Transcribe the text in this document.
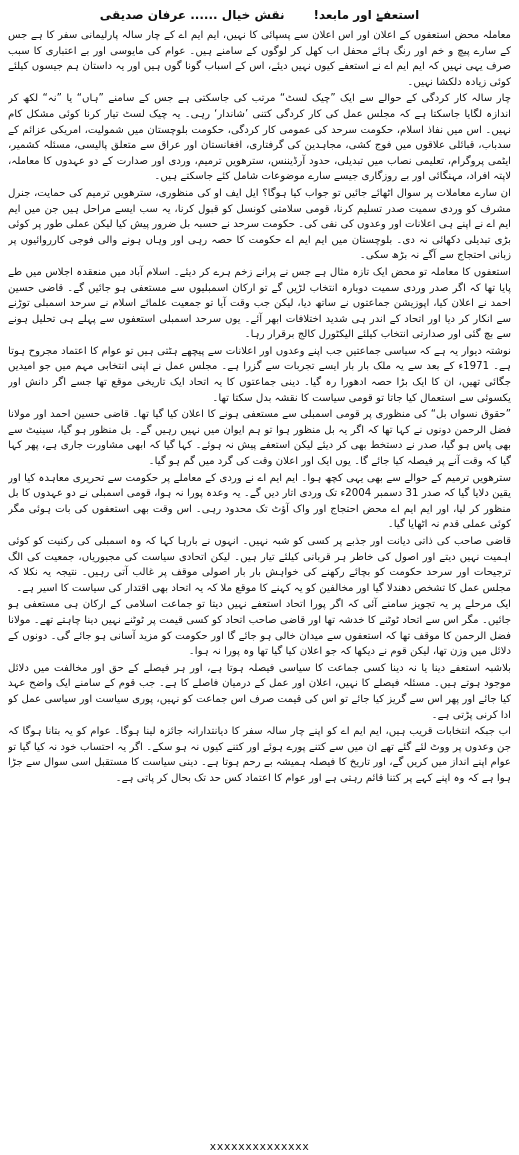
استعفےٰ اور مابعد!     نقش خیال ...... عرفان صدیقی

معاملہ محض استعفوں کے اعلان اور اس اعلان سے پسپائی کا نہیں، ایم ایم اے کے چار سالہ پارلیمانی سفر کا ہے جس کے سارے پیچ و خم اور رنگ ہائے محفل اب کھل کر لوگوں کے سامنے ہیں۔ عوام کی مایوسی اور بے اعتباری کا سبب صرف یہی نہیں کہ ایم ایم اے نے استعفے کیوں نہیں دیئے، اس کے اسباب گونا گوں ہیں اور یہ داستان ہم جیسوں کیلئے کوئی زیادہ دلکشا نہیں۔

چار سالہ کار کردگی کے حوالے سے ایک ”چیک لسٹ“ مرتب کی جاسکتی ہے جس کے سامنے ”ہاں“ یا ”نہ“ لکھ کر اندازہ لگایا جاسکتا ہے کہ مجلس عمل کی کار کردگی کتنی ’شاندار‘ رہی۔ یہ چیک لسٹ تیار کرنا کوئی مشکل کام نہیں۔ اس میں نفاذ اسلام، حکومت سرحد کی عمومی کار کردگی، حکومت بلوچستان میں شمولیت، امریکی عزائم کے سدباب، قبائلی علاقوں میں فوج کشی، مجاہدین کی گرفتاری، افغانستان اور عراق سے متعلق پالیسی، مسئلہ کشمیر، ایٹمی پروگرام، تعلیمی نصاب میں تبدیلی، حدود آرڈیننس، سترھویں ترمیم، وردی اور صدارت کے دو عہدوں کا معاملہ، لاپتہ افراد، مہنگائی اور بے روزگاری جیسے سارے موضوعات شامل کئے جاسکتے ہیں۔

ان سارے معاملات پر سوال اٹھائے جائیں تو جواب کیا ہوگا؟ ایل ایف او کی منظوری، سترھویں ترمیم کی حمایت، جنرل مشرف کو وردی سمیت صدر تسلیم کرنا، قومی سلامتی کونسل کو قبول کرنا، یہ سب ایسے مراحل ہیں جن میں ایم ایم اے نے اپنے ہی اعلانات اور وعدوں کی نفی کی۔ حکومت سرحد نے حسبہ بل ضرور پیش کیا لیکن عملی طور پر کوئی بڑی تبدیلی دکھائی نہ دی۔ بلوچستان میں ایم ایم اے حکومت کا حصہ رہی اور وہاں ہونے والی فوجی کارروائیوں پر زبانی احتجاج سے آگے نہ بڑھ سکی۔

استعفوں کا معاملہ تو محض ایک تازہ مثال ہے جس نے پرانے زخم ہرے کر دیئے۔ اسلام آباد میں منعقدہ اجلاس میں طے پایا تھا کہ اگر صدر وردی سمیت دوبارہ انتخاب لڑیں گے تو ارکان اسمبلیوں سے مستعفی ہو جائیں گے۔ قاضی حسین احمد نے اعلان کیا، اپوزیشن جماعتوں نے ساتھ دیا، لیکن جب وقت آیا تو جمعیت علمائے اسلام نے سرحد اسمبلی توڑنے سے انکار کر دیا اور اتحاد کے اندر ہی شدید اختلافات ابھر آئے۔ یوں سرحد اسمبلی استعفوں سے پہلے ہی تحلیل ہونے سے بچ گئی اور صدارتی انتخاب کیلئے الیکٹورل کالج برقرار رہا۔

نوشتہ دیوار یہ ہے کہ سیاسی جماعتیں جب اپنے وعدوں اور اعلانات سے پیچھے ہٹتی ہیں تو عوام کا اعتماد مجروح ہوتا ہے۔ 1971ء کے بعد سے یہ ملک بار بار ایسے تجربات سے گزرا ہے۔ مجلس عمل نے اپنی انتخابی مہم میں جو امیدیں جگائی تھیں، ان کا ایک بڑا حصہ ادھورا رہ گیا۔ دینی جماعتوں کا یہ اتحاد ایک تاریخی موقع تھا جسے اگر دانش اور یکسوئی سے استعمال کیا جاتا تو قومی سیاست کا نقشہ بدل سکتا تھا۔

”حقوق نسواں بل“ کی منظوری پر قومی اسمبلی سے مستعفی ہونے کا اعلان کیا گیا تھا۔ قاضی حسین احمد اور مولانا فضل الرحمن دونوں نے کہا تھا کہ اگر یہ بل منظور ہوا تو ہم ایوان میں نہیں رہیں گے۔ بل منظور ہو گیا، سینیٹ سے بھی پاس ہو گیا، صدر نے دستخط بھی کر دیئے لیکن استعفے پیش نہ ہوئے۔ کہا گیا کہ ابھی مشاورت جاری ہے، پھر کہا گیا کہ وقت آنے پر فیصلہ کیا جائے گا۔ یوں ایک اور اعلان وقت کی گرد میں گم ہو گیا۔

سترھویں ترمیم کے حوالے سے بھی یہی کچھ ہوا۔ ایم ایم اے نے وردی کے معاملے پر حکومت سے تحریری معاہدہ کیا اور یقین دلایا گیا کہ صدر 31 دسمبر 2004ء تک وردی اتار دیں گے۔ یہ وعدہ پورا نہ ہوا، قومی اسمبلی نے دو عہدوں کا بل منظور کر لیا، اور ایم ایم اے محض احتجاج اور واک آؤٹ تک محدود رہی۔ اس وقت بھی استعفوں کی بات ہوئی مگر کوئی عملی قدم نہ اٹھایا گیا۔

قاضی صاحب کی ذاتی دیانت اور جذبے پر کسی کو شبہ نہیں۔ انہوں نے بارہا کہا کہ وہ اسمبلی کی رکنیت کو کوئی اہمیت نہیں دیتے اور اصول کی خاطر ہر قربانی کیلئے تیار ہیں۔ لیکن اتحادی سیاست کی مجبوریاں، جمعیت کی الگ ترجیحات اور سرحد حکومت کو بچائے رکھنے کی خواہش بار بار اصولی موقف پر غالب آتی رہیں۔ نتیجہ یہ نکلا کہ مجلس عمل کا تشخص دھندلا گیا اور مخالفین کو یہ کہنے کا موقع ملا کہ یہ اتحاد بھی اقتدار کی سیاست کا اسیر ہے۔

ایک مرحلے پر یہ تجویز سامنے آئی کہ اگر پورا اتحاد استعفے نہیں دیتا تو جماعت اسلامی کے ارکان ہی مستعفی ہو جائیں۔ مگر اس سے اتحاد ٹوٹنے کا خدشہ تھا اور قاضی صاحب اتحاد کو کسی قیمت پر ٹوٹنے نہیں دینا چاہتے تھے۔ مولانا فضل الرحمن کا موقف تھا کہ استعفوں سے میدان خالی ہو جائے گا اور حکومت کو مزید آسانی ہو جائے گی۔ دونوں کے دلائل میں وزن تھا، لیکن قوم نے دیکھا کہ جو اعلان کیا گیا تھا وہ پورا نہ ہوا۔

بلاشبہ استعفے دینا یا نہ دینا کسی جماعت کا سیاسی فیصلہ ہوتا ہے، اور ہر فیصلے کے حق اور مخالفت میں دلائل موجود ہوتے ہیں۔ مسئلہ فیصلے کا نہیں، اعلان اور عمل کے درمیان فاصلے کا ہے۔ جب قوم کے سامنے ایک واضح عہد کیا جائے اور پھر اس سے گریز کیا جائے تو اس کی قیمت صرف اس جماعت کو نہیں، پوری سیاست اور سیاسی عمل کو ادا کرنی پڑتی ہے۔

اب جبکہ انتخابات قریب ہیں، ایم ایم اے کو اپنے چار سالہ سفر کا دیانتدارانہ جائزہ لینا ہوگا۔ عوام کو یہ بتانا ہوگا کہ جن وعدوں پر ووٹ لئے گئے تھے ان میں سے کتنے پورے ہوئے اور کتنے کیوں نہ ہو سکے۔ اگر یہ احتساب خود نہ کیا گیا تو عوام اپنے انداز میں کریں گے، اور تاریخ کا فیصلہ ہمیشہ بے رحم ہوتا ہے۔ دینی سیاست کا مستقبل اسی سوال سے جڑا ہوا ہے کہ وہ اپنے کہے پر کتنا قائم رہتی ہے اور عوام کا اعتماد کس حد تک بحال کر پاتی ہے۔

xxxxxxxxxxxxxx
